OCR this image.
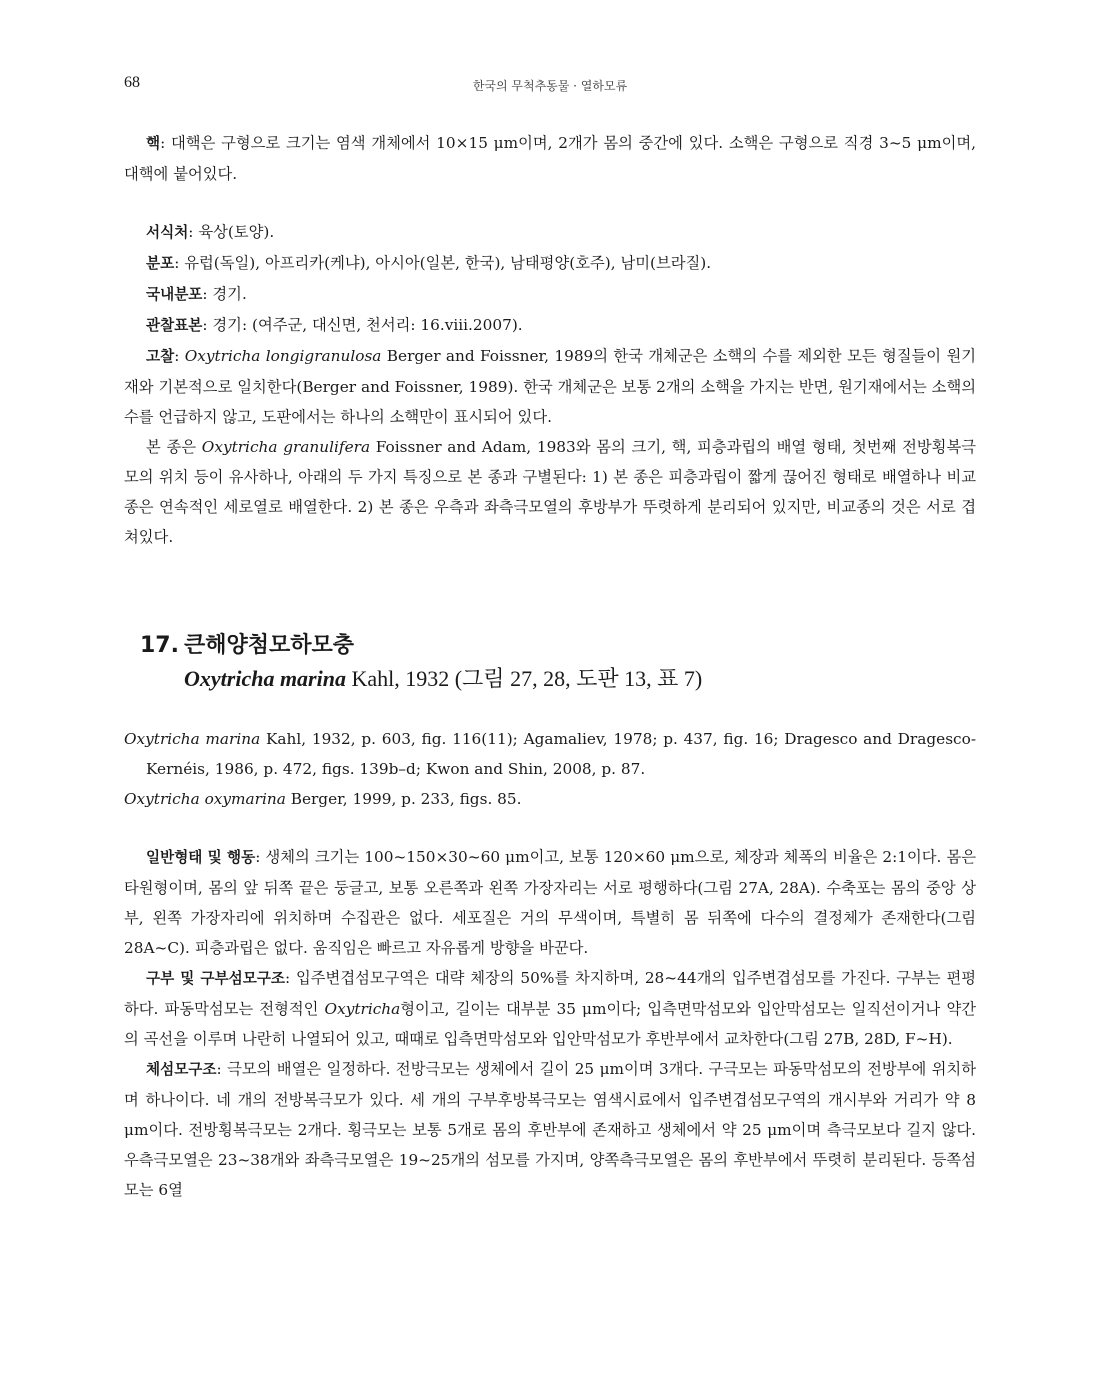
68	한국의 무척추동물 · 열하모류

핵: 대핵은 구형으로 크기는 염색 개체에서 10×15 μm이며, 2개가 몸의 중간에 있다. 소핵은 구형으로 직경 3~5 μm이며, 대핵에 붙어있다.

서식처: 육상(토양).

분포: 유럽(독일), 아프리카(케냐), 아시아(일본, 한국), 남태평양(호주), 남미(브라질).

국내분포: 경기.

관찰표본: 경기: (여주군, 대신면, 천서리: 16.viii.2007).

고찰: Oxytricha longigranulosa Berger and Foissner, 1989의 한국 개체군은 소핵의 수를 제외한 모든 형질들이 원기재와 기본적으로 일치한다(Berger and Foissner, 1989). 한국 개체군은 보통 2개의 소핵을 가지는 반면, 원기재에서는 소핵의 수를 언급하지 않고, 도판에서는 하나의 소핵만이 표시되어 있다.

본 종은 Oxytricha granulifera Foissner and Adam, 1983와 몸의 크기, 핵, 피층과립의 배열 형태, 첫번째 전방횡복극모의 위치 등이 유사하나, 아래의 두 가지 특징으로 본 종과 구별된다: 1) 본 종은 피층과립이 짧게 끊어진 형태로 배열하나 비교종은 연속적인 세로열로 배열한다. 2) 본 종은 우측과 좌측극모열의 후방부가 뚜렷하게 분리되어 있지만, 비교종의 것은 서로 겹쳐있다.

17. 큰해양첨모하모충
Oxytricha marina Kahl, 1932 (그림 27, 28, 도판 13, 표 7)

Oxytricha marina Kahl, 1932, p. 603, fig. 116(11); Agamaliev, 1978; p. 437, fig. 16; Dragesco and Dragesco-Kernéis, 1986, p. 472, figs. 139b–d; Kwon and Shin, 2008, p. 87.

Oxytricha oxymarina Berger, 1999, p. 233, figs. 85.

일반형태 및 행동: 생체의 크기는 100~150×30~60 μm이고, 보통 120×60 μm으로, 체장과 체폭의 비율은 2:1이다. 몸은 타원형이며, 몸의 앞 뒤쪽 끝은 둥글고, 보통 오른쪽과 왼쪽 가장자리는 서로 평행하다(그림 27A, 28A). 수축포는 몸의 중앙 상부, 왼쪽 가장자리에 위치하며 수집관은 없다. 세포질은 거의 무색이며, 특별히 몸 뒤쪽에 다수의 결정체가 존재한다(그림 28A~C). 피층과립은 없다. 움직임은 빠르고 자유롭게 방향을 바꾼다.

구부 및 구부섬모구조: 입주변겹섬모구역은 대략 체장의 50%를 차지하며, 28~44개의 입주변겹섬모를 가진다. 구부는 편평하다. 파동막섬모는 전형적인 Oxytricha형이고, 길이는 대부분 35 μm이다; 입측면막섬모와 입안막섬모는 일직선이거나 약간의 곡선을 이루며 나란히 나열되어 있고, 때때로 입측면막섬모와 입안막섬모가 후반부에서 교차한다(그림 27B, 28D, F~H).

체섬모구조: 극모의 배열은 일정하다. 전방극모는 생체에서 길이 25 μm이며 3개다. 구극모는 파동막섬모의 전방부에 위치하며 하나이다. 네 개의 전방복극모가 있다. 세 개의 구부후방복극모는 염색시료에서 입주변겹섬모구역의 개시부와 거리가 약 8 μm이다. 전방횡복극모는 2개다. 횡극모는 보통 5개로 몸의 후반부에 존재하고 생체에서 약 25 μm이며 측극모보다 길지 않다. 우측극모열은 23~38개와 좌측극모열은 19~25개의 섬모를 가지며, 양쪽측극모열은 몸의 후반부에서 뚜렷히 분리된다. 등쪽섬모는 6열
